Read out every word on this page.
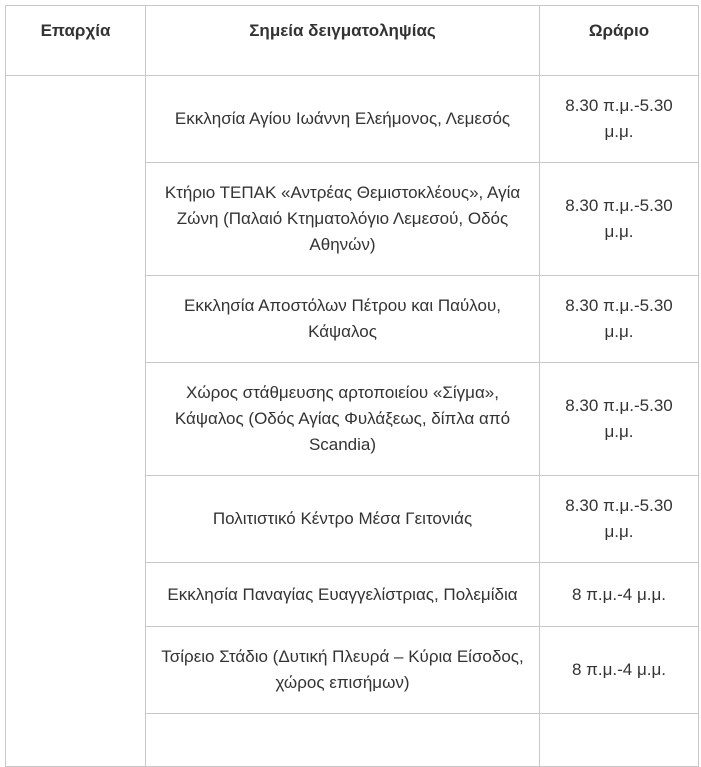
Επαρχία	Σημεία δειγματοληψίας	Ωράριο
	Εκκλησία Αγίου Ιωάννη Ελεήμονος, Λεμεσός	8.30 π.μ.-5.30 μ.μ.
	Κτήριο ΤΕΠΑΚ «Αντρέας Θεμιστοκλέους», Αγία Ζώνη (Παλαιό Κτηματολόγιο Λεμεσού, Οδός Αθηνών)	8.30 π.μ.-5.30 μ.μ.
	Εκκλησία Αποστόλων Πέτρου και Παύλου, Κάψαλος	8.30 π.μ.-5.30 μ.μ.
	Χώρος στάθμευσης αρτοποιείου «Σίγμα», Κάψαλος (Οδός Αγίας Φυλάξεως, δίπλα από Scandia)	8.30 π.μ.-5.30 μ.μ.
	Πολιτιστικό Κέντρο Μέσα Γειτονιάς	8.30 π.μ.-5.30 μ.μ.
	Εκκλησία Παναγίας Ευαγγελίστριας, Πολεμίδια	8 π.μ.-4 μ.μ.
	Τσίρειο Στάδιο (Δυτική Πλευρά – Κύρια Είσοδος, χώρος επισήμων)	8 π.μ.-4 μ.μ.
